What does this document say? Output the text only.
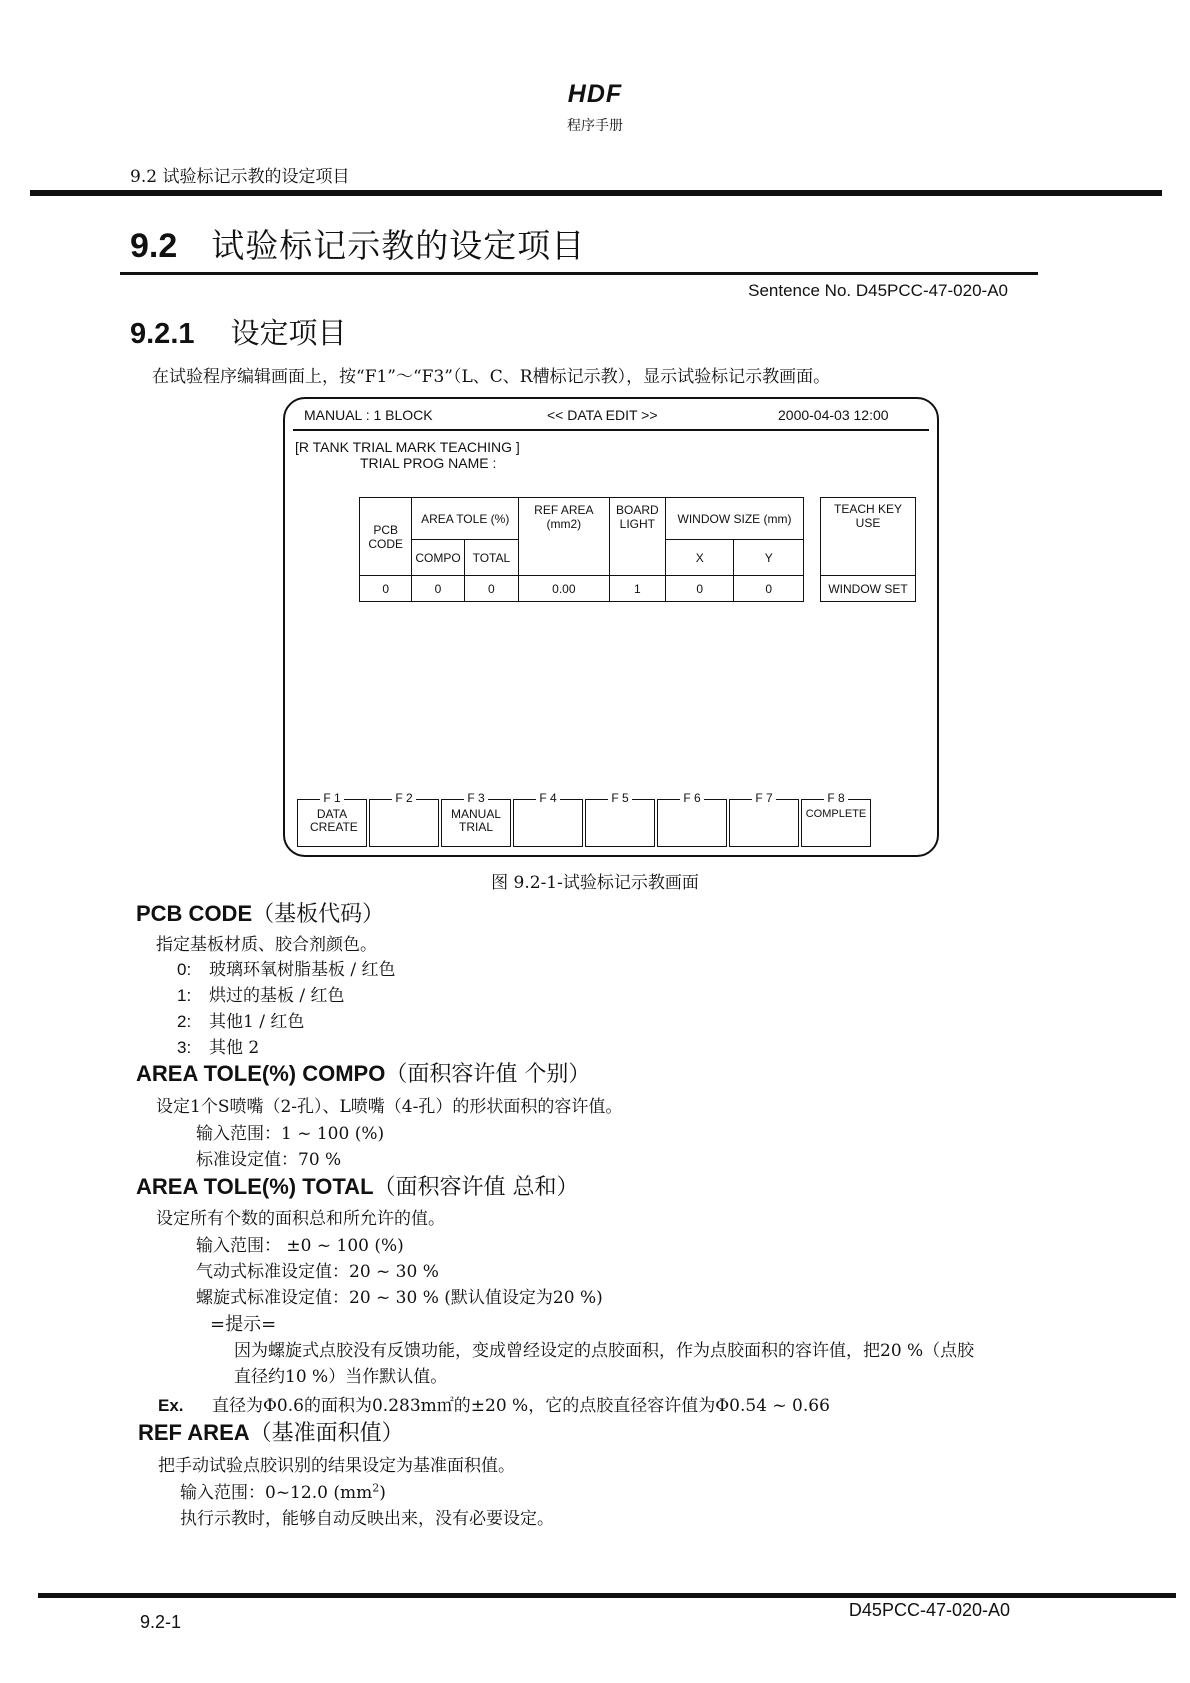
HDF
程序手册
9.2 试验标记示教的设定项目
9.2 试验标记示教的设定项目
Sentence No. D45PCC-47-020-A0
9.2.1 设定项目
在试验程序编辑画面上，按“F1”～“F3”（L、C、R槽标记示教），显示试验标记示教画面。
MANUAL : 1 BLOCK	<< DATA EDIT >>	2000-04-03 12:00
[R TANK TRIAL MARK TEACHING ]
TRIAL PROG NAME :
PCB CODE	AREA TOLE (%)		REF AREA (mm2)	BOARD LIGHT	WINDOW SIZE (mm)	
	COMPO	TOTAL			X	Y
0	0	0	0.00	1	0	0
TEACH KEY USE
WINDOW SET
F 1
DATA CREATE
F 2	F 3
MANUAL TRIAL
F 4	F 5	F 6	F 7	F 8
COMPLETE
图 9.2-1-试验标记示教画面
PCB CODE（基板代码）
指定基板材质、胶合剂颜色。
0: 玻璃环氧树脂基板 / 红色
1: 烘过的基板 / 红色
2: 其他1 / 红色
3: 其他 2
AREA TOLE(%) COMPO（面积容许值 个别）
设定1个S喷嘴（2-孔）、L喷嘴（4-孔）的形状面积的容许值。
输入范围：1 ~ 100 (%)
标准设定值：70 %
AREA TOLE(%) TOTAL（面积容许值 总和）
设定所有个数的面积总和所允许的值。
输入范围： ±0 ~ 100 (%)
气动式标准设定值：20 ~ 30 %
螺旋式标准设定值：20 ~ 30 % (默认值设定为20 %)
=提示=
因为螺旋式点胶没有反馈功能，变成曾经设定的点胶面积，作为点胶面积的容许值，把20 %（点胶
直径约10 %）当作默认值。
Ex. 直径为Φ0.6的面积为0.283m㎡的±20 %，它的点胶直径容许值为Φ0.54 ~ 0.66
REF AREA（基准面积值）
把手动试验点胶识别的结果设定为基准面积值。
输入范围：0~12.0 $(mm^2)$
执行示教时，能够自动反映出来，没有必要设定。
9.2-1
D45PCC-47-020-A0
